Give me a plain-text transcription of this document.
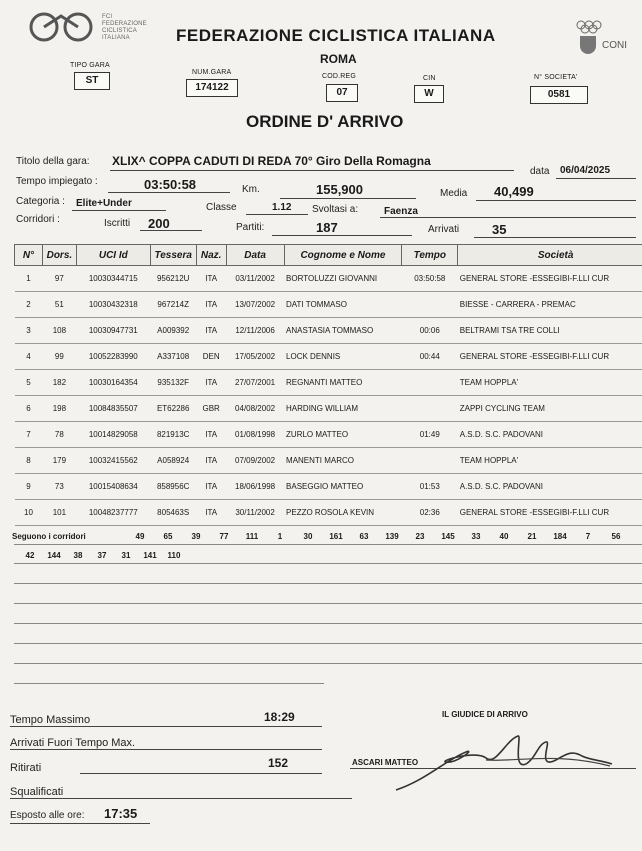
FCI FEDERAZIONE CICLISTICA ITALIANA	FEDERAZIONE CICLISTICA ITALIANA
ROMA
CONI
TIPO GARA
ST
NUM.GARA
174122
COD.REG
07
CIN
W
N° SOCIETA'
0581
ORDINE D' ARRIVO
Titolo della gara: XLIX^ COPPA CADUTI DI REDA 70° Giro Della Romagna
data 06/04/2025
Tempo impiegato :	03:50:58	Km.	155,900	Media 40,499
Categoria : Elite+Under	Classe	1.12 Svoltasi a:	Faenza
Corridori :	Iscritti 200	Partiti:	187	Arrivati	35
N°	Dors.	UCI Id	Tessera	Naz.	Data	Cognome e Nome	Tempo	Società
1	97	10030344715	956212U	ITA	03/11/2002	BORTOLUZZI GIOVANNI	03:50:58	GENERAL STORE -ESSEGIBI-F.LLI CUR
2	51	10030432318	967214Z	ITA	13/07/2002	DATI TOMMASO		BIESSE - CARRERA - PREMAC
3	108	10030947731	A009392	ITA	12/11/2006	ANASTASIA TOMMASO	00:06	BELTRAMI TSA TRE COLLI
4	99	10052283990	A337108	DEN	17/05/2002	LOCK DENNIS	00:44	GENERAL STORE -ESSEGIBI-F.LLI CUR
5	182	10030164354	935132F	ITA	27/07/2001	REGNANTI MATTEO		TEAM HOPPLA'
6	198	10084835507	ET62286	GBR	04/08/2002	HARDING WILLIAM		ZAPPI CYCLING TEAM
7	78	10014829058	821913C	ITA	01/08/1998	ZURLO MATTEO	01:49	A.S.D. S.C. PADOVANI
8	179	10032415562	A058924	ITA	07/09/2002	MANENTI MARCO		TEAM HOPPLA'
9	73	10015408634	858956C	ITA	18/06/1998	BASEGGIO MATTEO	01:53	A.S.D. S.C. PADOVANI
10	101	10048237777	805463S	ITA	30/11/2002	PEZZO ROSOLA KEVIN	02:36	GENERAL STORE -ESSEGIBI-F.LLI CUR
Seguono i corridori	49 65 39 77 111 1	30 161 63 139 23 145 33 40 21 184 7	56
42 144 38 37 31 141 110
Tempo Massimo	18:29	IL GIUDICE DI ARRIVO
Arrivati Fuori Tempo Max.
Ritirati	152	ASCARI MATTEO
Squalificati
Esposto alle ore: 17:35
